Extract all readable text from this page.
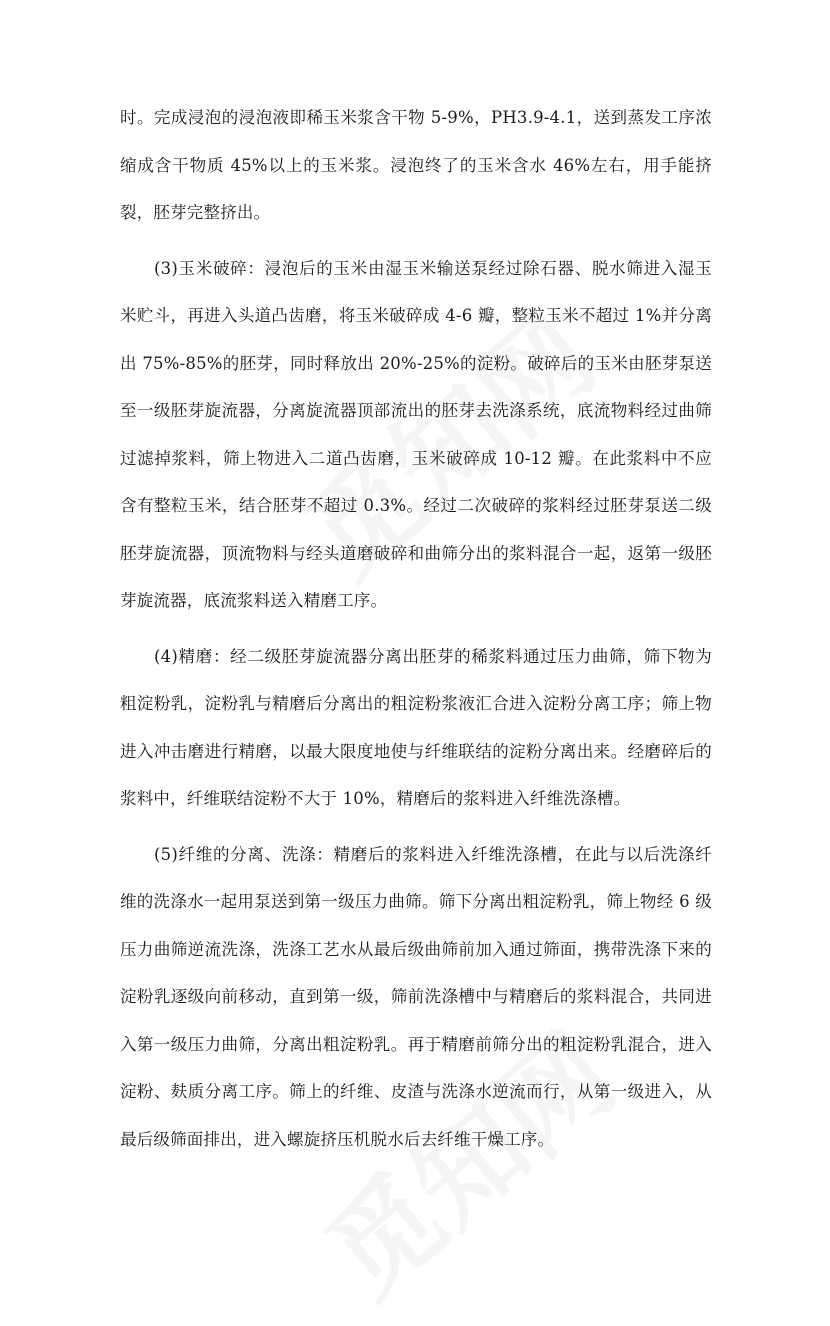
时。完成浸泡的浸泡液即稀玉米浆含干物 5-9%，PH3.9-4.1，送到蒸发工序浓缩成含干物质 45%以上的玉米浆。浸泡终了的玉米含水 46%左右，用手能挤裂，胚芽完整挤出。

(3)玉米破碎：浸泡后的玉米由湿玉米输送泵经过除石器、脱水筛进入湿玉米贮斗，再进入头道凸齿磨，将玉米破碎成 4-6 瓣，整粒玉米不超过 1%并分离出 75%-85%的胚芽，同时释放出 20%-25%的淀粉。破碎后的玉米由胚芽泵送至一级胚芽旋流器，分离旋流器顶部流出的胚芽去洗涤系统，底流物料经过曲筛过滤掉浆料，筛上物进入二道凸齿磨，玉米破碎成 10-12 瓣。在此浆料中不应含有整粒玉米，结合胚芽不超过 0.3%。经过二次破碎的浆料经过胚芽泵送二级胚芽旋流器，顶流物料与经头道磨破碎和曲筛分出的浆料混合一起，返第一级胚芽旋流器，底流浆料送入精磨工序。

(4)精磨：经二级胚芽旋流器分离出胚芽的稀浆料通过压力曲筛，筛下物为粗淀粉乳，淀粉乳与精磨后分离出的粗淀粉浆液汇合进入淀粉分离工序；筛上物进入冲击磨进行精磨，以最大限度地使与纤维联结的淀粉分离出来。经磨碎后的浆料中，纤维联结淀粉不大于 10%，精磨后的浆料进入纤维洗涤槽。

(5)纤维的分离、洗涤：精磨后的浆料进入纤维洗涤槽，在此与以后洗涤纤维的洗涤水一起用泵送到第一级压力曲筛。筛下分离出粗淀粉乳，筛上物经 6 级压力曲筛逆流洗涤，洗涤工艺水从最后级曲筛前加入通过筛面，携带洗涤下来的淀粉乳逐级向前移动，直到第一级，筛前洗涤槽中与精磨后的浆料混合，共同进入第一级压力曲筛，分离出粗淀粉乳。再于精磨前筛分出的粗淀粉乳混合，进入淀粉、麸质分离工序。筛上的纤维、皮渣与洗涤水逆流而行，从第一级进入，从最后级筛面排出，进入螺旋挤压机脱水后去纤维干燥工序。
